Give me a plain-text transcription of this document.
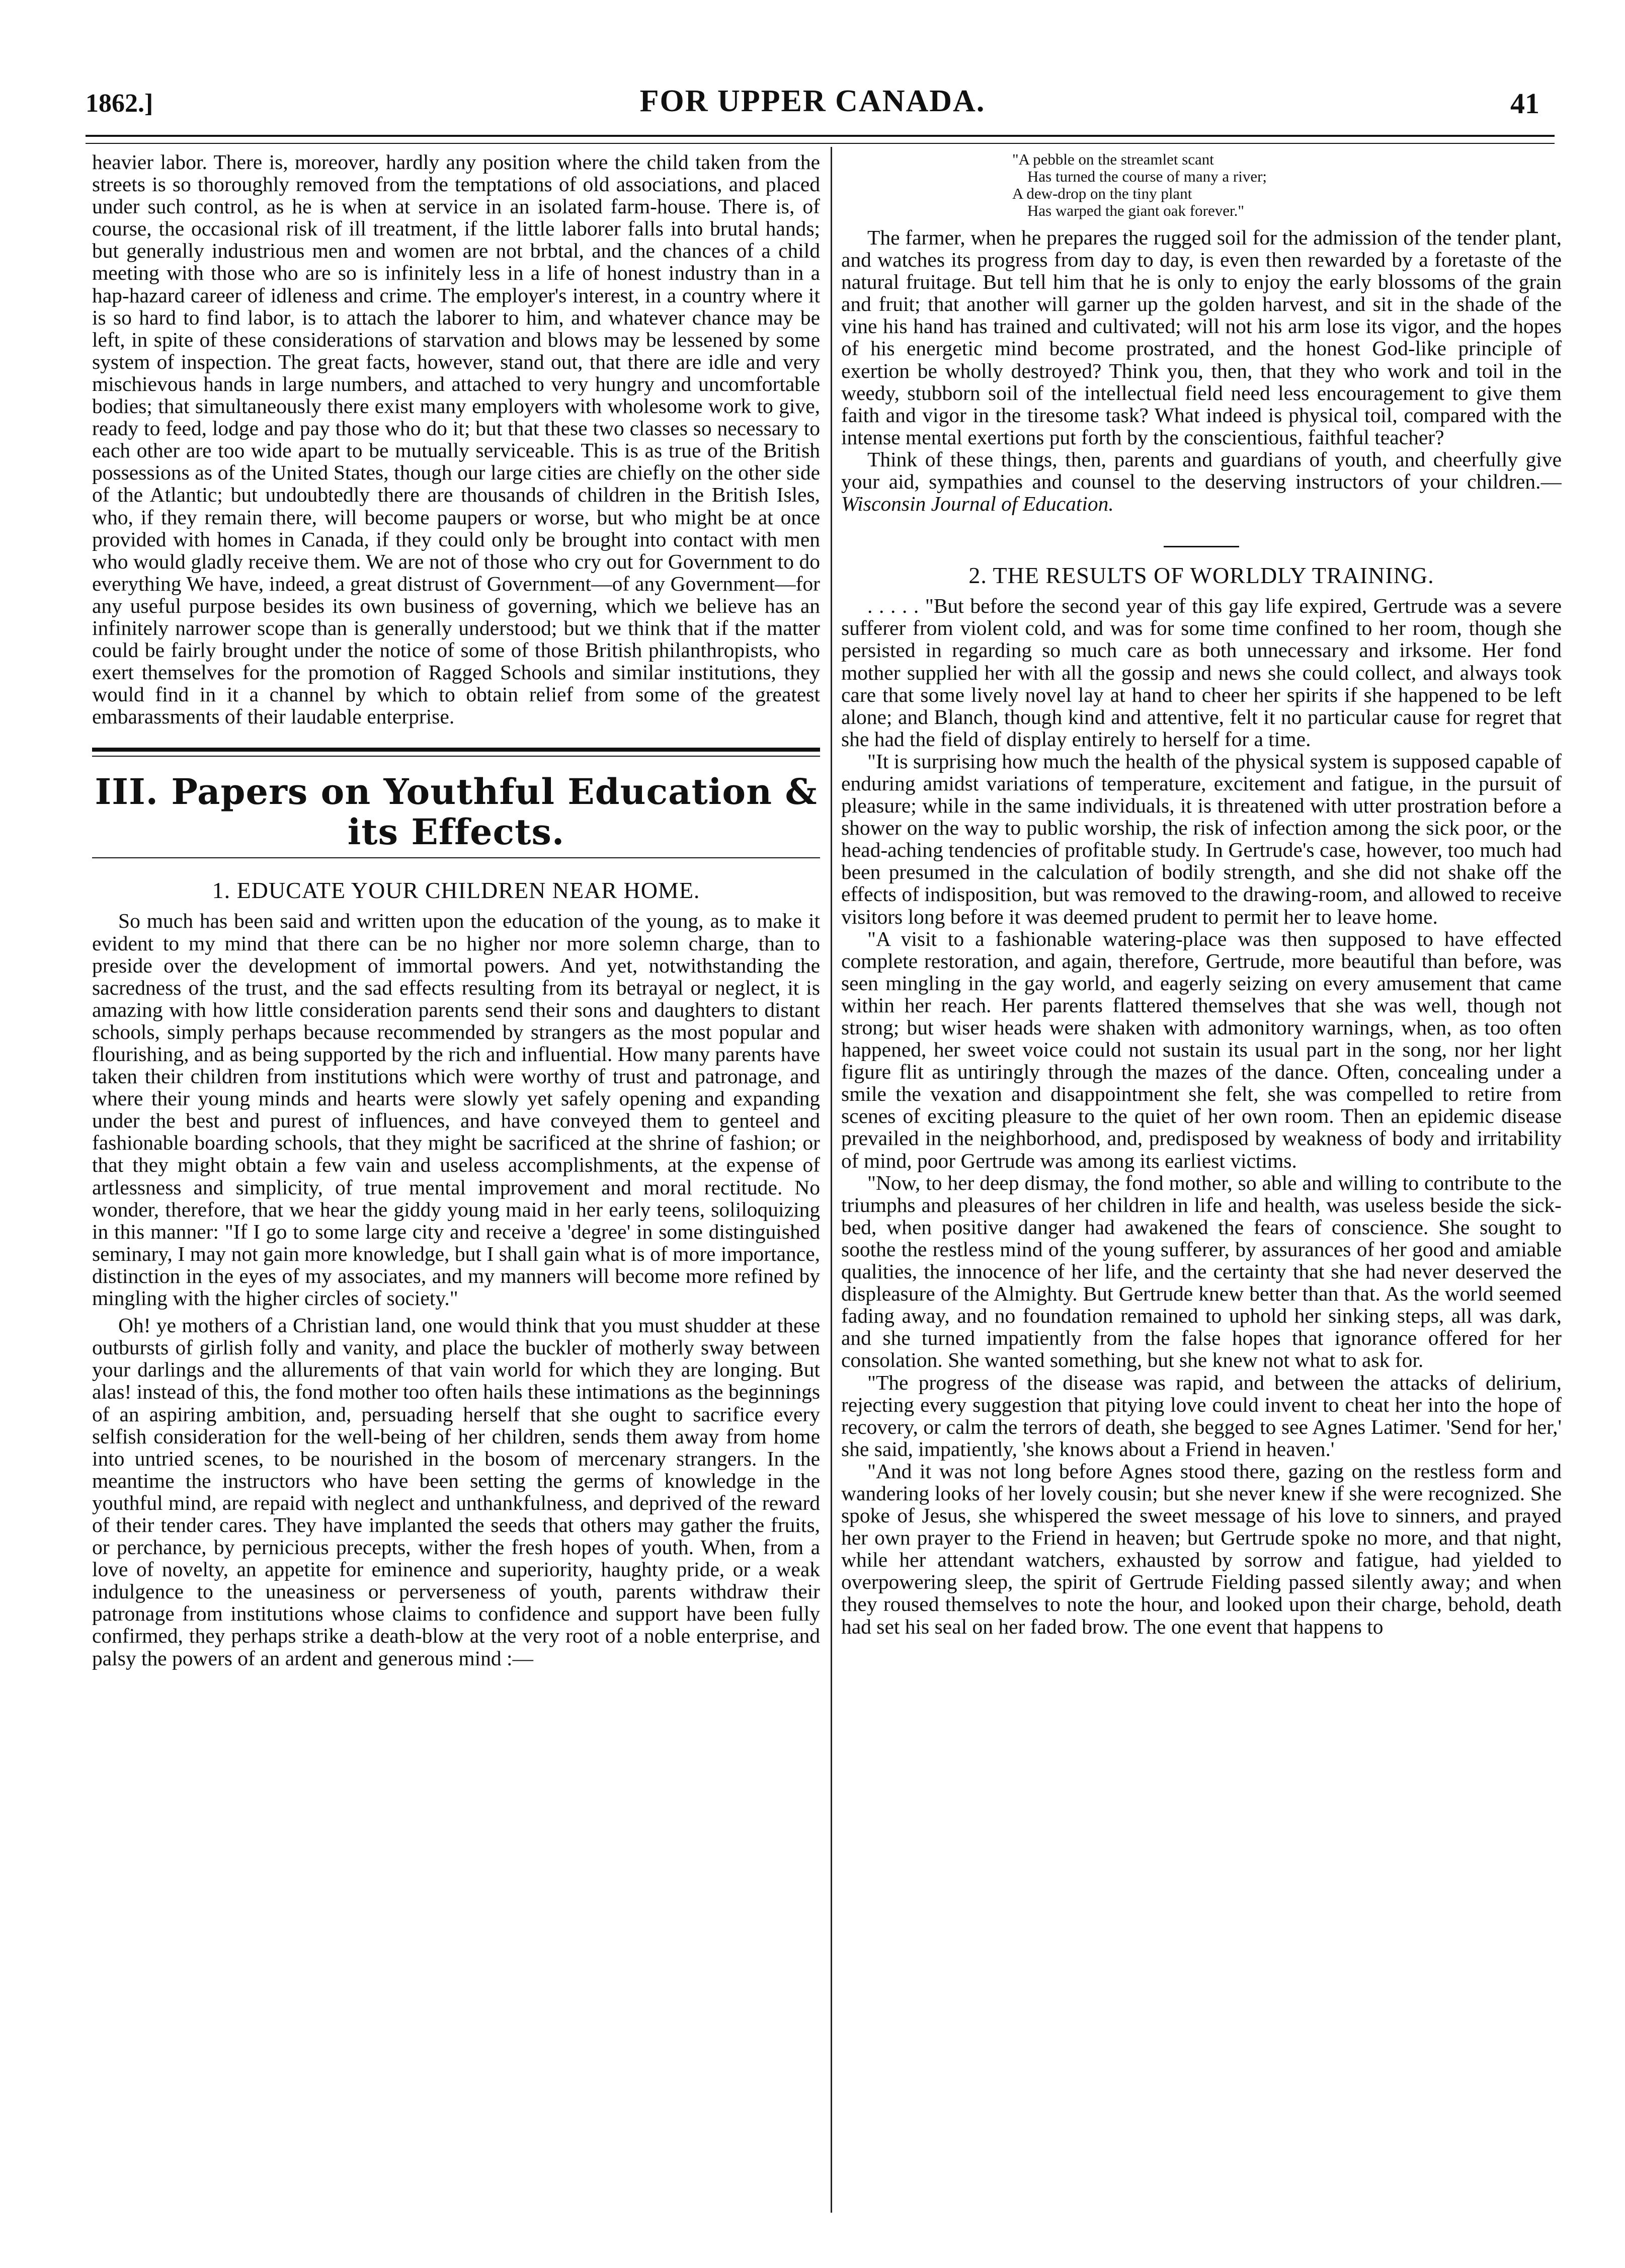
1862.]	FOR UPPER CANADA.	41

heavier labor. There is, moreover, hardly any position where the child taken from the streets is so thoroughly removed from the temptations of old associations, and placed under such control, as he is when at service in an isolated farm-house. There is, of course, the occasional risk of ill treatment, if the little laborer falls into brutal hands; but generally industrious men and women are not brbtal, and the chances of a child meeting with those who are so is infinitely less in a life of honest industry than in a hap-hazard career of idleness and crime. The employer's interest, in a country where it is so hard to find labor, is to attach the laborer to him, and whatever chance may be left, in spite of these considerations of starvation and blows may be lessened by some system of inspection. The great facts, however, stand out, that there are idle and very mischievous hands in large numbers, and attached to very hungry and uncomfortable bodies; that simultaneously there exist many employers with wholesome work to give, ready to feed, lodge and pay those who do it; but that these two classes so necessary to each other are too wide apart to be mutually serviceable. This is as true of the British possessions as of the United States, though our large cities are chiefly on the other side of the Atlantic; but undoubtedly there are thousands of children in the British Isles, who, if they remain there, will become paupers or worse, but who might be at once provided with homes in Canada, if they could only be brought into contact with men who would gladly receive them. We are not of those who cry out for Government to do everything We have, indeed, a great distrust of Government—of any Government—for any useful purpose besides its own business of governing, which we believe has an infinitely narrower scope than is generally understood; but we think that if the matter could be fairly brought under the notice of some of those British philanthropists, who exert themselves for the promotion of Ragged Schools and similar institutions, they would find in it a channel by which to obtain relief from some of the greatest embarassments of their laudable enterprise.

III. Papers on Youthful Education & its Effects.
1. EDUCATE YOUR CHILDREN NEAR HOME.

So much has been said and written upon the education of the young, as to make it evident to my mind that there can be no higher nor more solemn charge, than to preside over the development of immortal powers. And yet, notwithstanding the sacredness of the trust, and the sad effects resulting from its betrayal or neglect, it is amazing with how little consideration parents send their sons and daughters to distant schools, simply perhaps because recommended by strangers as the most popular and flourishing, and as being supported by the rich and influential. How many parents have taken their children from institutions which were worthy of trust and patronage, and where their young minds and hearts were slowly yet safely opening and expanding under the best and purest of influences, and have conveyed them to genteel and fashionable boarding schools, that they might be sacrificed at the shrine of fashion; or that they might obtain a few vain and useless accomplishments, at the expense of artlessness and simplicity, of true mental improvement and moral rectitude. No wonder, therefore, that we hear the giddy young maid in her early teens, soliloquizing in this manner: "If I go to some large city and receive a 'degree' in some distinguished seminary, I may not gain more knowledge, but I shall gain what is of more importance, distinction in the eyes of my associates, and my manners will become more refined by mingling with the higher circles of society."

Oh! ye mothers of a Christian land, one would think that you must shudder at these outbursts of girlish folly and vanity, and place the buckler of motherly sway between your darlings and the allurements of that vain world for which they are longing. But alas! instead of this, the fond mother too often hails these intimations as the beginnings of an aspiring ambition, and, persuading herself that she ought to sacrifice every selfish consideration for the well-being of her children, sends them away from home into untried scenes, to be nourished in the bosom of mercenary strangers. In the meantime the instructors who have been setting the germs of knowledge in the youthful mind, are repaid with neglect and unthankfulness, and deprived of the reward of their tender cares. They have implanted the seeds that others may gather the fruits, or perchance, by pernicious precepts, wither the fresh hopes of youth. When, from a love of novelty, an appetite for eminence and superiority, haughty pride, or a weak indulgence to the uneasiness or perverseness of youth, parents withdraw their patronage from institutions whose claims to confidence and support have been fully confirmed, they perhaps strike a death-blow at the very root of a noble enterprise, and palsy the powers of an ardent and generous mind :—

"A pebble on the streamlet scant
Has turned the course of many a river;
A dew-drop on the tiny plant
Has warped the giant oak forever."

The farmer, when he prepares the rugged soil for the admission of the tender plant, and watches its progress from day to day, is even then rewarded by a foretaste of the natural fruitage. But tell him that he is only to enjoy the early blossoms of the grain and fruit; that another will garner up the golden harvest, and sit in the shade of the vine his hand has trained and cultivated; will not his arm lose its vigor, and the hopes of his energetic mind become prostrated, and the honest God-like principle of exertion be wholly destroyed? Think you, then, that they who work and toil in the weedy, stubborn soil of the intellectual field need less encouragement to give them faith and vigor in the tiresome task? What indeed is physical toil, compared with the intense mental exertions put forth by the conscientious, faithful teacher?

Think of these things, then, parents and guardians of youth, and cheerfully give your aid, sympathies and counsel to the deserving instructors of your children.—Wisconsin Journal of Education.

2. THE RESULTS OF WORLDLY TRAINING.

. . . . . "But before the second year of this gay life expired, Gertrude was a severe sufferer from violent cold, and was for some time confined to her room, though she persisted in regarding so much care as both unnecessary and irksome. Her fond mother supplied her with all the gossip and news she could collect, and always took care that some lively novel lay at hand to cheer her spirits if she happened to be left alone; and Blanch, though kind and attentive, felt it no particular cause for regret that she had the field of display entirely to herself for a time.

"It is surprising how much the health of the physical system is supposed capable of enduring amidst variations of temperature, excitement and fatigue, in the pursuit of pleasure; while in the same individuals, it is threatened with utter prostration before a shower on the way to public worship, the risk of infection among the sick poor, or the head-aching tendencies of profitable study. In Gertrude's case, however, too much had been presumed in the calculation of bodily strength, and she did not shake off the effects of indisposition, but was removed to the drawing-room, and allowed to receive visitors long before it was deemed prudent to permit her to leave home.

"A visit to a fashionable watering-place was then supposed to have effected complete restoration, and again, therefore, Gertrude, more beautiful than before, was seen mingling in the gay world, and eagerly seizing on every amusement that came within her reach. Her parents flattered themselves that she was well, though not strong; but wiser heads were shaken with admonitory warnings, when, as too often happened, her sweet voice could not sustain its usual part in the song, nor her light figure flit as untiringly through the mazes of the dance. Often, concealing under a smile the vexation and disappointment she felt, she was compelled to retire from scenes of exciting pleasure to the quiet of her own room. Then an epidemic disease prevailed in the neighborhood, and, predisposed by weakness of body and irritability of mind, poor Gertrude was among its earliest victims.

"Now, to her deep dismay, the fond mother, so able and willing to contribute to the triumphs and pleasures of her children in life and health, was useless beside the sick-bed, when positive danger had awakened the fears of conscience. She sought to soothe the restless mind of the young sufferer, by assurances of her good and amiable qualities, the innocence of her life, and the certainty that she had never deserved the displeasure of the Almighty. But Gertrude knew better than that. As the world seemed fading away, and no foundation remained to uphold her sinking steps, all was dark, and she turned impatiently from the false hopes that ignorance offered for her consolation. She wanted something, but she knew not what to ask for.

"The progress of the disease was rapid, and between the attacks of delirium, rejecting every suggestion that pitying love could invent to cheat her into the hope of recovery, or calm the terrors of death, she begged to see Agnes Latimer. 'Send for her,' she said, impatiently, 'she knows about a Friend in heaven.'

"And it was not long before Agnes stood there, gazing on the restless form and wandering looks of her lovely cousin; but she never knew if she were recognized. She spoke of Jesus, she whispered the sweet message of his love to sinners, and prayed her own prayer to the Friend in heaven; but Gertrude spoke no more, and that night, while her attendant watchers, exhausted by sorrow and fatigue, had yielded to overpowering sleep, the spirit of Gertrude Fielding passed silently away; and when they roused themselves to note the hour, and looked upon their charge, behold, death had set his seal on her faded brow. The one event that happens to
